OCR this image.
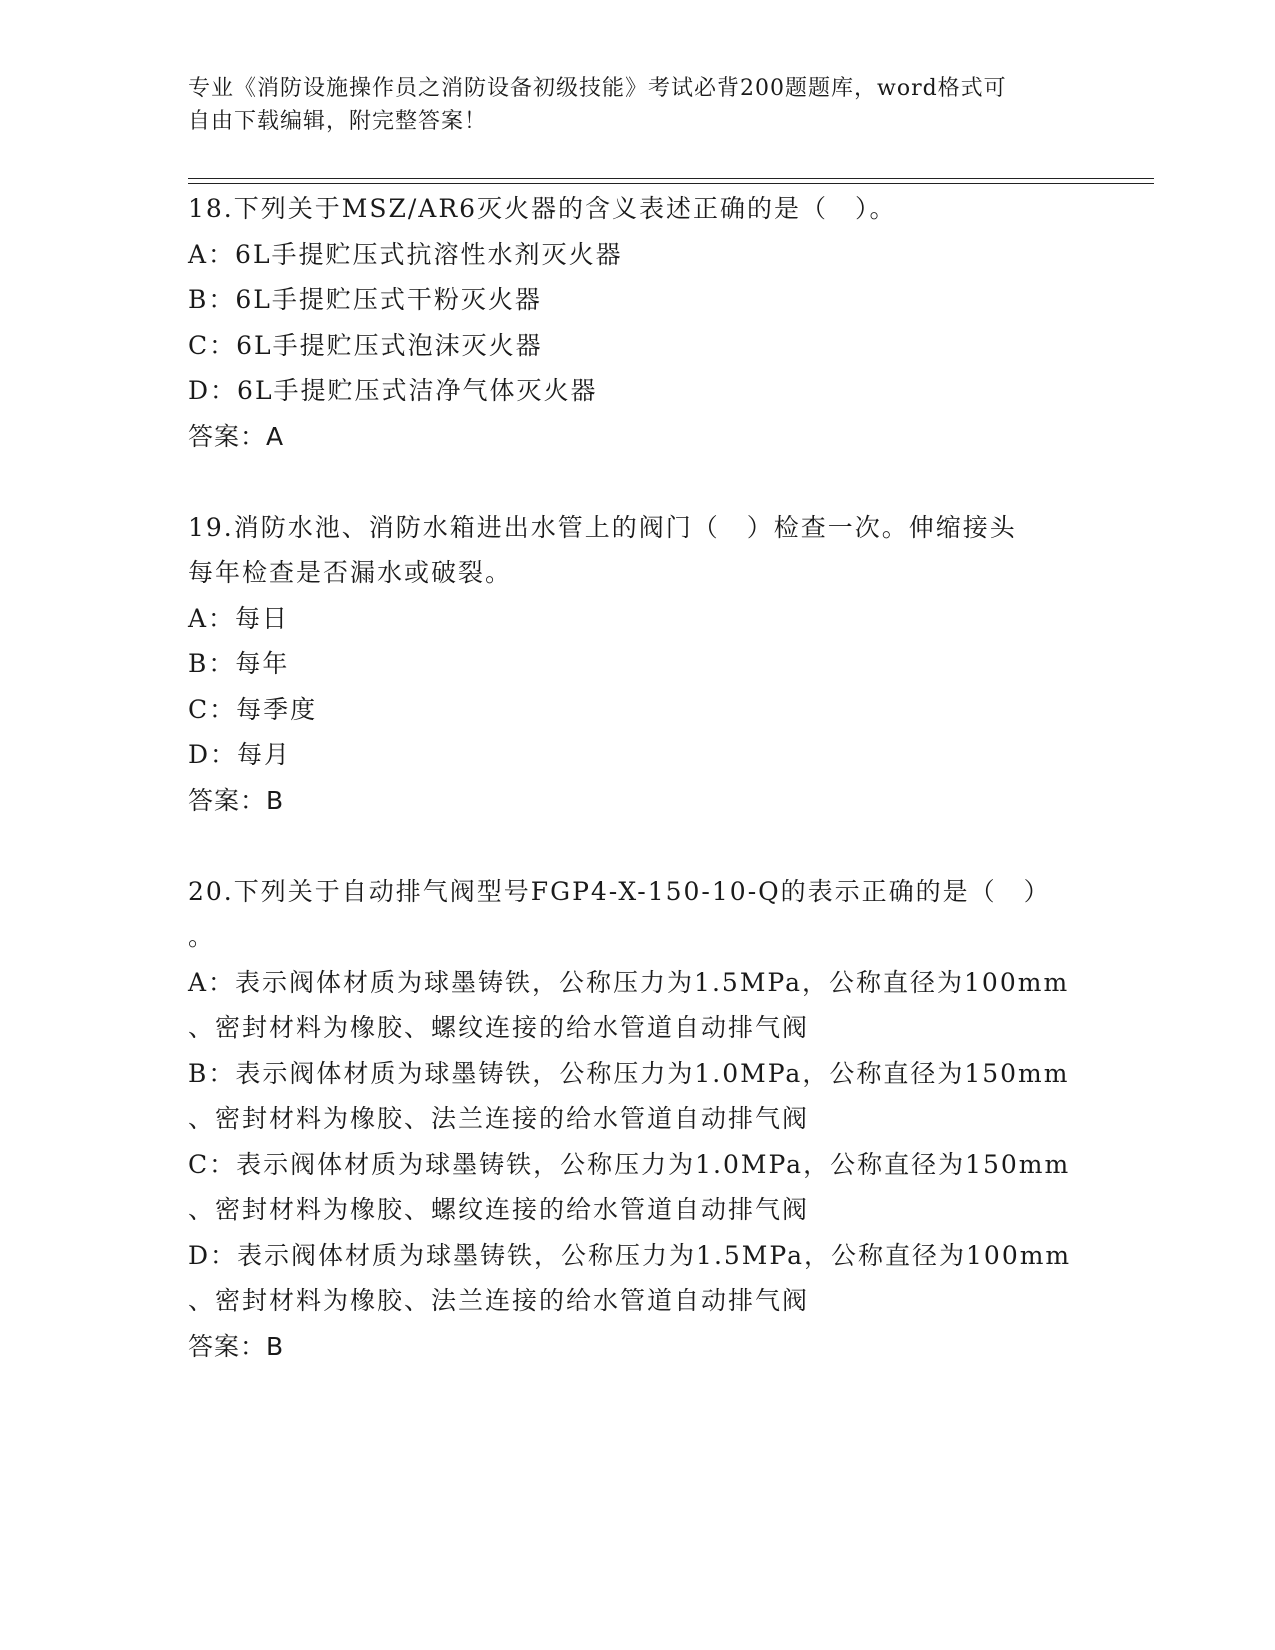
专业《消防设施操作员之消防设备初级技能》考试必背200题题库，word格式可
自由下载编辑，附完整答案！
18.下列关于MSZ/AR6灭火器的含义表述正确的是（　）。
A：6L手提贮压式抗溶性水剂灭火器
B：6L手提贮压式干粉灭火器
C：6L手提贮压式泡沫灭火器
D：6L手提贮压式洁净气体灭火器
答案：A
19.消防水池、消防水箱进出水管上的阀门（　）检查一次。伸缩接头
每年检查是否漏水或破裂。
A：每日
B：每年
C：每季度
D：每月
答案：B
20.下列关于自动排气阀型号FGP4-X-150-10-Q的表示正确的是（　）
。
A：表示阀体材质为球墨铸铁，公称压力为1.5MPa，公称直径为100mm
、密封材料为橡胶、螺纹连接的给水管道自动排气阀
B：表示阀体材质为球墨铸铁，公称压力为1.0MPa，公称直径为150mm
、密封材料为橡胶、法兰连接的给水管道自动排气阀
C：表示阀体材质为球墨铸铁，公称压力为1.0MPa，公称直径为150mm
、密封材料为橡胶、螺纹连接的给水管道自动排气阀
D：表示阀体材质为球墨铸铁，公称压力为1.5MPa，公称直径为100mm
、密封材料为橡胶、法兰连接的给水管道自动排气阀
答案：B
